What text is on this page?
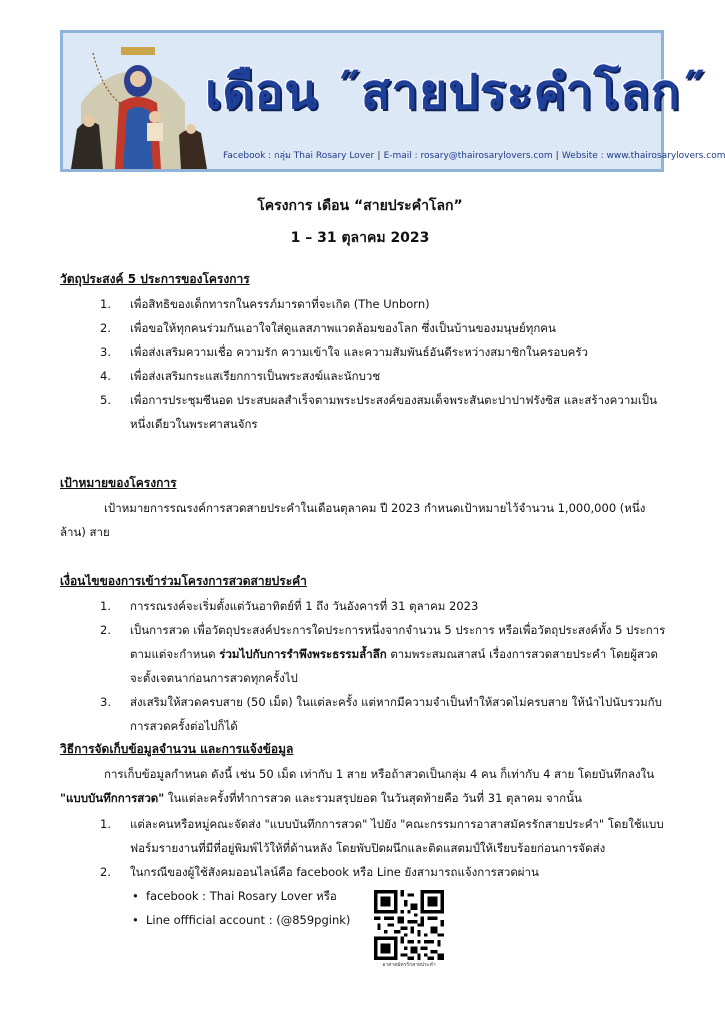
เดือน ˝สายประคำโลก˝
Facebook : กลุ่ม Thai Rosary Lover | E-mail : rosary@thairosarylovers.com | Website : www.thairosarylovers.com
โครงการ เดือน “สายประคำโลก”
1 – 31 ตุลาคม 2023
วัตถุประสงค์ 5 ประการของโครงการ
1. เพื่อสิทธิของเด็กทารกในครรภ์มารดาที่จะเกิด (The Unborn)
2. เพื่อขอให้ทุกคนร่วมกันเอาใจใส่ดูแลสภาพแวดล้อมของโลก ซึ่งเป็นบ้านของมนุษย์ทุกคน
3. เพื่อส่งเสริมความเชื่อ ความรัก ความเข้าใจ และความสัมพันธ์อันดีระหว่างสมาชิกในครอบครัว
4. เพื่อส่งเสริมกระแสเรียกการเป็นพระสงฆ์และนักบวช
5. เพื่อการประชุมซีนอด ประสบผลสำเร็จตามพระประสงค์ของสมเด็จพระสันตะปาปาฟรังซิส และสร้างความเป็นหนึ่งเดียวในพระศาสนจักร
เป้าหมายของโครงการ
เป้าหมายการรณรงค์การสวดสายประคำในเดือนตุลาคม ปี 2023 กำหนดเป้าหมายไว้จำนวน 1,000,000 (หนึ่งล้าน) สาย
เงื่อนไขของการเข้าร่วมโครงการสวดสายประคำ
1. การรณรงค์จะเริ่มตั้งแต่วันอาทิตย์ที่ 1 ถึง วันอังคารที่ 31 ตุลาคม 2023
2. เป็นการสวด เพื่อวัตถุประสงค์ประการใดประการหนึ่งจากจำนวน 5 ประการ หรือเพื่อวัตถุประสงค์ทั้ง 5 ประการตามแต่จะกำหนด ร่วมไปกับการรำพึงพระธรรมล้ำลึก ตามพระสมณสาสน์ เรื่องการสวดสายประคำ โดยผู้สวดจะตั้งเจตนาก่อนการสวดทุกครั้งไป
3. ส่งเสริมให้สวดครบสาย (50 เม็ด) ในแต่ละครั้ง แต่หากมีความจำเป็นทำให้สวดไม่ครบสาย ให้นำไปนับรวมกับการสวดครั้งต่อไปก็ได้
วิธีการจัดเก็บข้อมูลจำนวน และการแจ้งข้อมูล
การเก็บข้อมูลกำหนด ดังนี้ เช่น 50 เม็ด เท่ากับ 1 สาย หรือถ้าสวดเป็นกลุ่ม 4 คน ก็เท่ากับ 4 สาย โดยบันทึกลงใน "แบบบันทึกการสวด" ในแต่ละครั้งที่ทำการสวด และรวมสรุปยอด ในวันสุดท้ายคือ วันที่ 31 ตุลาคม จากนั้น
1. แต่ละคนหรือหมู่คณะจัดส่ง "แบบบันทึกการสวด" ไปยัง "คณะกรรมการอาสาสมัครรักสายประคำ" โดยใช้แบบฟอร์มรายงานที่มีที่อยู่พิมพ์ไว้ให้ที่ด้านหลัง โดยพับปิดผนึกและติดแสตมป์ให้เรียบร้อยก่อนการจัดส่ง
2. ในกรณีของผู้ใช้สังคมออนไลน์คือ facebook หรือ Line ยังสามารถแจ้งการสวดผ่าน
• facebook : Thai Rosary Lover หรือ
• Line offficial account : (@859pgink)
อาสาสมัครรักสายประคำ
